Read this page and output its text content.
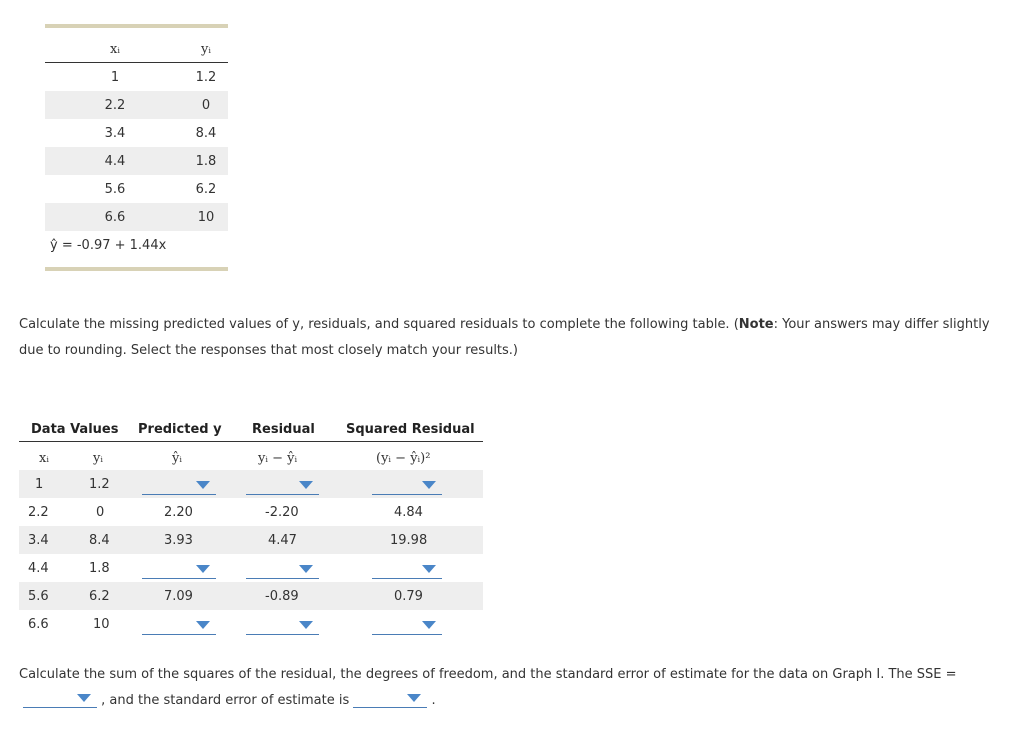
xᵢ	yᵢ
1	1.2
2.2	0
3.4	8.4
4.4	1.8
5.6	6.2
6.6	10
ŷ = -0.97 + 1.44x

Calculate the missing predicted values of y, residuals, and squared residuals to complete the following table. (Note: Your answers may differ slightly due to rounding. Select the responses that most closely match your results.)

Data Values Predicted y Residual Squared Residual
xᵢ	yᵢ	ŷᵢ	yᵢ − ŷᵢ	(yᵢ − ŷᵢ)²
1	1.2
2.2	0	2.20	-2.20	4.84
3.4	8.4	3.93	4.47	19.98
4.4	1.8
5.6	6.2	7.09	-0.89	0.79
6.6	10

Calculate the sum of the squares of the residual, the degrees of freedom, and the standard error of estimate for the data on Graph I. The SSE =

, and the standard error of estimate is	.
